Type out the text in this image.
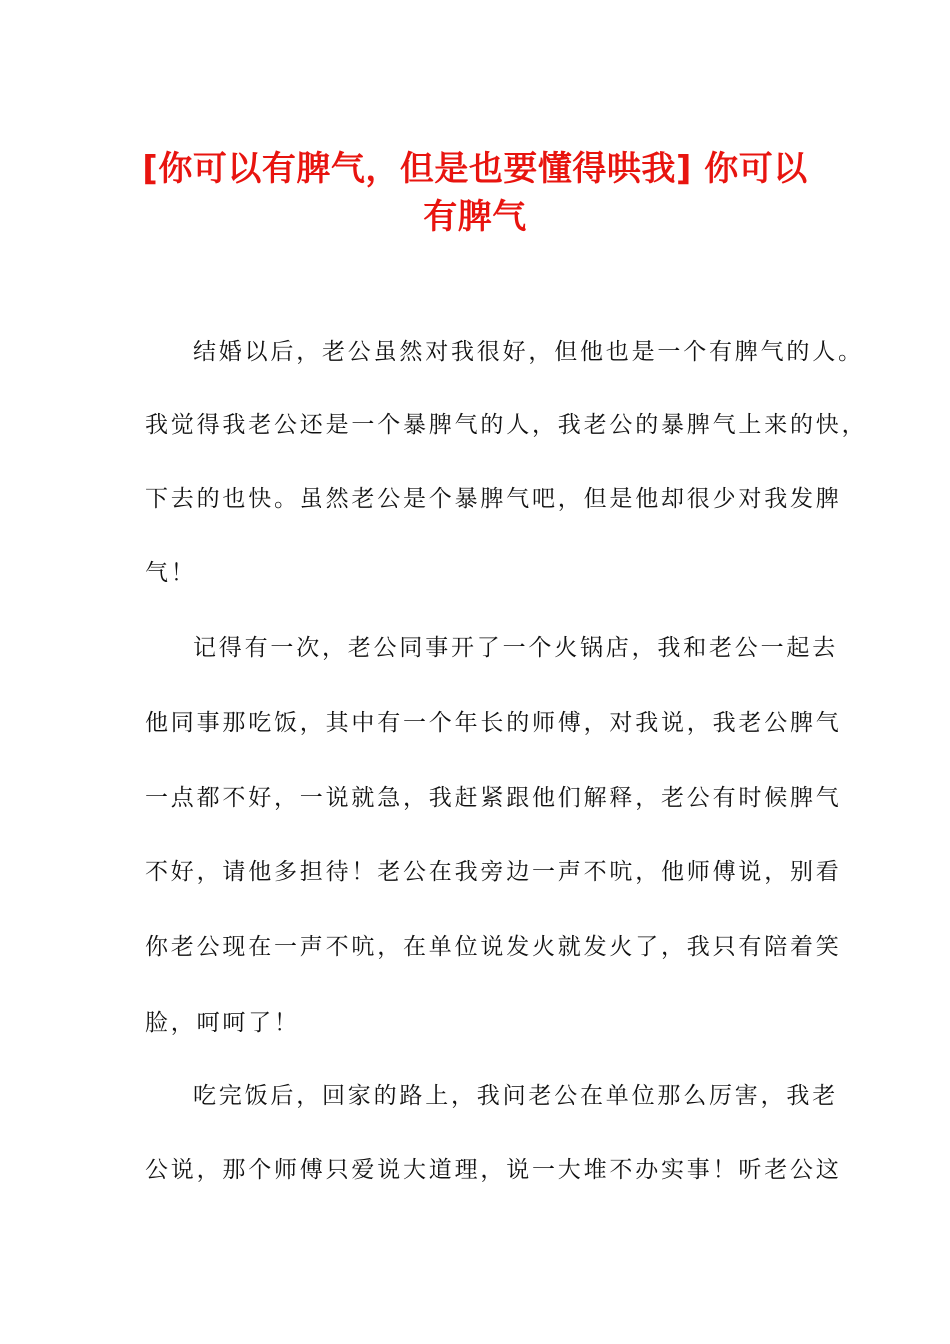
[你可以有脾气，但是也要懂得哄我] 你可以
有脾气
结婚以后，老公虽然对我很好，但他也是一个有脾气的人。
我觉得我老公还是一个暴脾气的人，我老公的暴脾气上来的快，
下去的也快。虽然老公是个暴脾气吧，但是他却很少对我发脾
气！
记得有一次，老公同事开了一个火锅店，我和老公一起去
他同事那吃饭，其中有一个年长的师傅，对我说，我老公脾气
一点都不好，一说就急，我赶紧跟他们解释，老公有时候脾气
不好，请他多担待！老公在我旁边一声不吭，他师傅说，别看
你老公现在一声不吭，在单位说发火就发火了，我只有陪着笑
脸，呵呵了！
吃完饭后，回家的路上，我问老公在单位那么厉害，我老
公说，那个师傅只爱说大道理，说一大堆不办实事！听老公这
